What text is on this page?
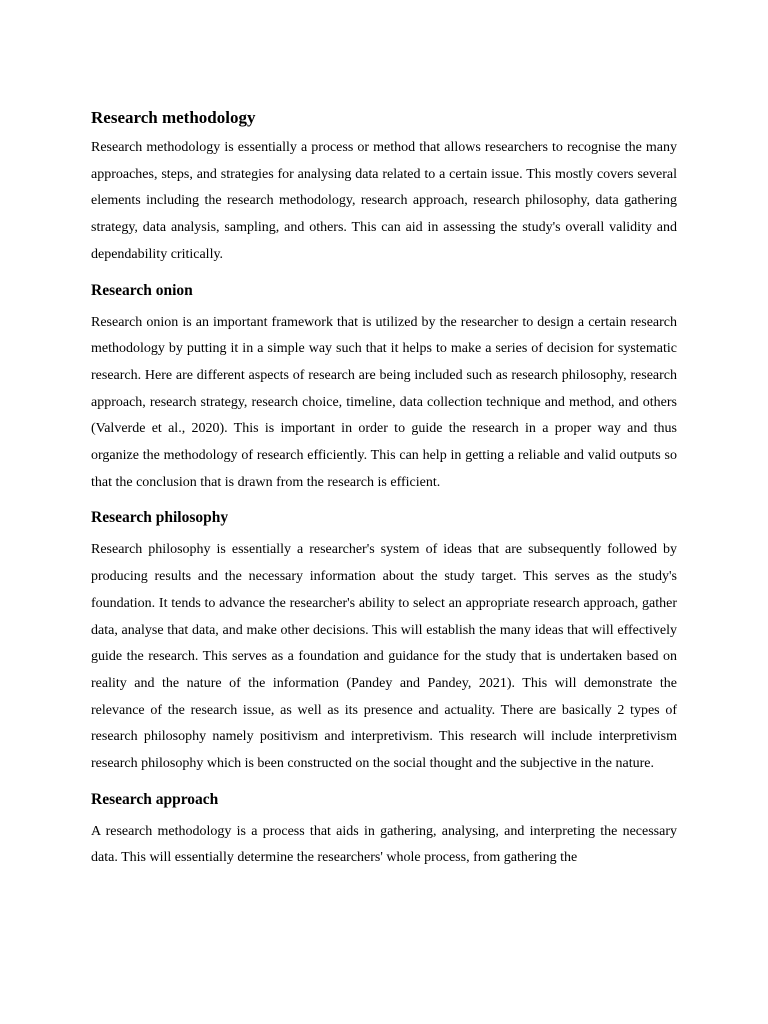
Research methodology

Research methodology is essentially a process or method that allows researchers to recognise the many approaches, steps, and strategies for analysing data related to a certain issue. This mostly covers several elements including the research methodology, research approach, research philosophy, data gathering strategy, data analysis, sampling, and others. This can aid in assessing the study's overall validity and dependability critically.

Research onion

Research onion is an important framework that is utilized by the researcher to design a certain research methodology by putting it in a simple way such that it helps to make a series of decision for systematic research. Here are different aspects of research are being included such as research philosophy, research approach, research strategy, research choice, timeline, data collection technique and method, and others (Valverde et al., 2020). This is important in order to guide the research in a proper way and thus organize the methodology of research efficiently. This can help in getting a reliable and valid outputs so that the conclusion that is drawn from the research is efficient.

Research philosophy

Research philosophy is essentially a researcher's system of ideas that are subsequently followed by producing results and the necessary information about the study target. This serves as the study's foundation. It tends to advance the researcher's ability to select an appropriate research approach, gather data, analyse that data, and make other decisions. This will establish the many ideas that will effectively guide the research. This serves as a foundation and guidance for the study that is undertaken based on reality and the nature of the information (Pandey and Pandey, 2021). This will demonstrate the relevance of the research issue, as well as its presence and actuality. There are basically 2 types of research philosophy namely positivism and interpretivism. This research will include interpretivism research philosophy which is been constructed on the social thought and the subjective in the nature.

Research approach

A research methodology is a process that aids in gathering, analysing, and interpreting the necessary data. This will essentially determine the researchers' whole process, from gathering the
